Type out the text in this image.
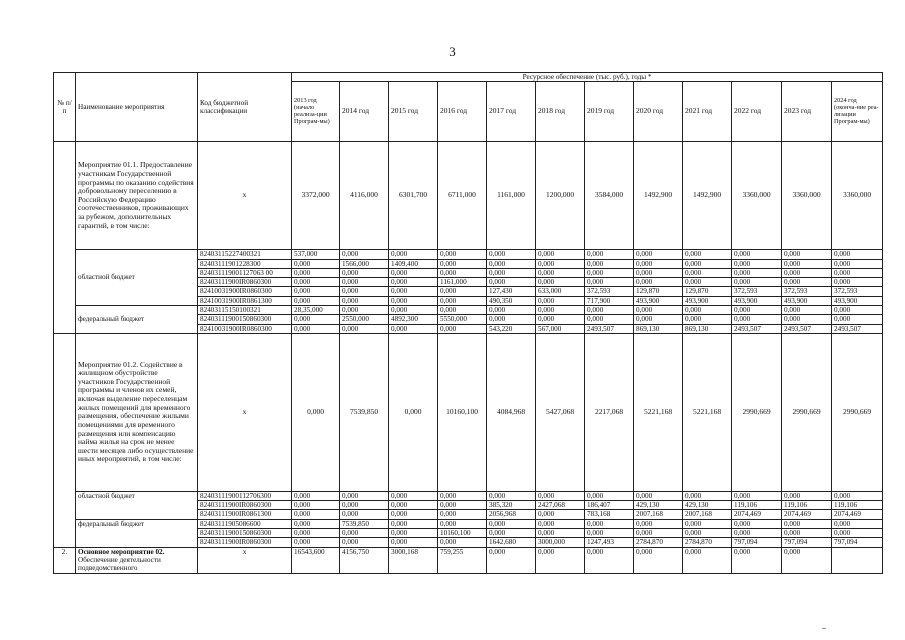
3
№ п/п	Наименование мероприятия	Код бюджетной классификации	Ресурсное обеспечение (тыс. руб.), годы *											
			2013 год (начало реализа-ции Програм-мы)	2014 год	2015 год	2016 год	2017 год	2018 год	2019 год	2020 год	2021 год	2022 год	2023 год	2024 год (оконча-ние реа-лизации Програм-мы)
	Мероприятие 01.1. Предоставление участникам Государственной программы по оказанию содействия добровольному переселению в Российскую Федерацию соотечественников, проживающих за рубежом, дополнительных гарантий, в том числе:	х	3372,000	4116,000	6301,700	6711,000	1161,000	1200,000	3584,000	1492,900	1492,900	3360,000	3360,000	3360,000
	областной бюджет	82403115227400321	537,000	0,000	0,000	0,000	0,000	0,000	0,000	0,000	0,000	0,000	0,000	0,000
		82403111901228300	0,000	1566,000	1409,400	0,000	0,000	0,000	0,000	0,000	0,000	0,000	0,000	0,000
		824031119001127063 00	0,000	0,000	0,000	0,000	0,000	0,000	0,000	0,000	0,000	0,000	0,000	0,000
		82403111900IR0860300	0,000	0,000	0,000	1161,000	0,000	0,000	0,000	0,000	0,000	0,000	0,000	0,000
		82410031900IR0860300	0,000	0,000	0,000	0,000	127,430	633,000	372,593	129,870	129,870	372,593	372,593	372,593
		82410031900IR0861300	0,000	0,000	0,000	0,000	490,350	0,000	717,900	493,900	493,900	493,900	493,900	493,900
	федеральный бюджет	82403115150100321	28,35,000	0,000	0,000	0,000	0,000	0,000	0,000	0,000	0,000	0,000	0,000	0,000
		82403111900150860300	0,000	2550,000	4892,300	5550,000	0,000	0,000	0,000	0,000	0,000	0,000	0,000	0,000
		82410031900IR0860300	0,000	0,000	0,000	0,000	543,220	567,000	2493,507	869,130	869,130	2493,507	2493,507	2493,507
	Мероприятие 01.2. Содействие в жилищном обустройстве участников Государственной программы и членов их семей, включая выделение переселенцам жилых помещений для временного размещения, обеспечение жилыми помещениями для временного размещения или компенсацию найма жилья на срок не менее шести месяцев либо осуществление иных мероприятий, в том числе:	х	0,000	7539,850	0,000	10160,100	4084,968	5427,068	2217,068	5221,168	5221,168	2990,669	2990,669	2990,669
	областной бюджет	82403111900112706300	0,000	0,000	0,000	0,000	0,000	0,000	0,000	0,000	0,000	0,000	0,000	0,000
		82403111900IR0860300	0,000	0,000	0,000	0,000	385,320	2427,068	186,407	429,130	429,130	119,106	119,106	119,106
		82403111900IR0861300	0,000	0,000	0,000	0,000	2056,968	0,000	783,168	2007,168	2007,168	2074,469	2074,469	2074,469
	федеральный бюджет	82403111905086600	0,000	7539,850	0,000	0,000	0,000	0,000	0,000	0,000	0,000	0,000	0,000	0,000
		82403111900150860300	0,000	0,000	0,000	10160,100	0,000	0,000	0,000	0,000	0,000	0,000	0,000	0,000
		82403111900IR0860300	0,000	0,000	0,000	0,000	1642,680	3000,000	1247,493	2784,870	2784,870	797,094	797,094	797,094
2.	Основное мероприятие 02. Обеспечение деятельности подведомственного	х	16543,600	4156,750	3000,168	759,255	0,000	0,000	0,000	0,000	0,000	0,000	0,000	
